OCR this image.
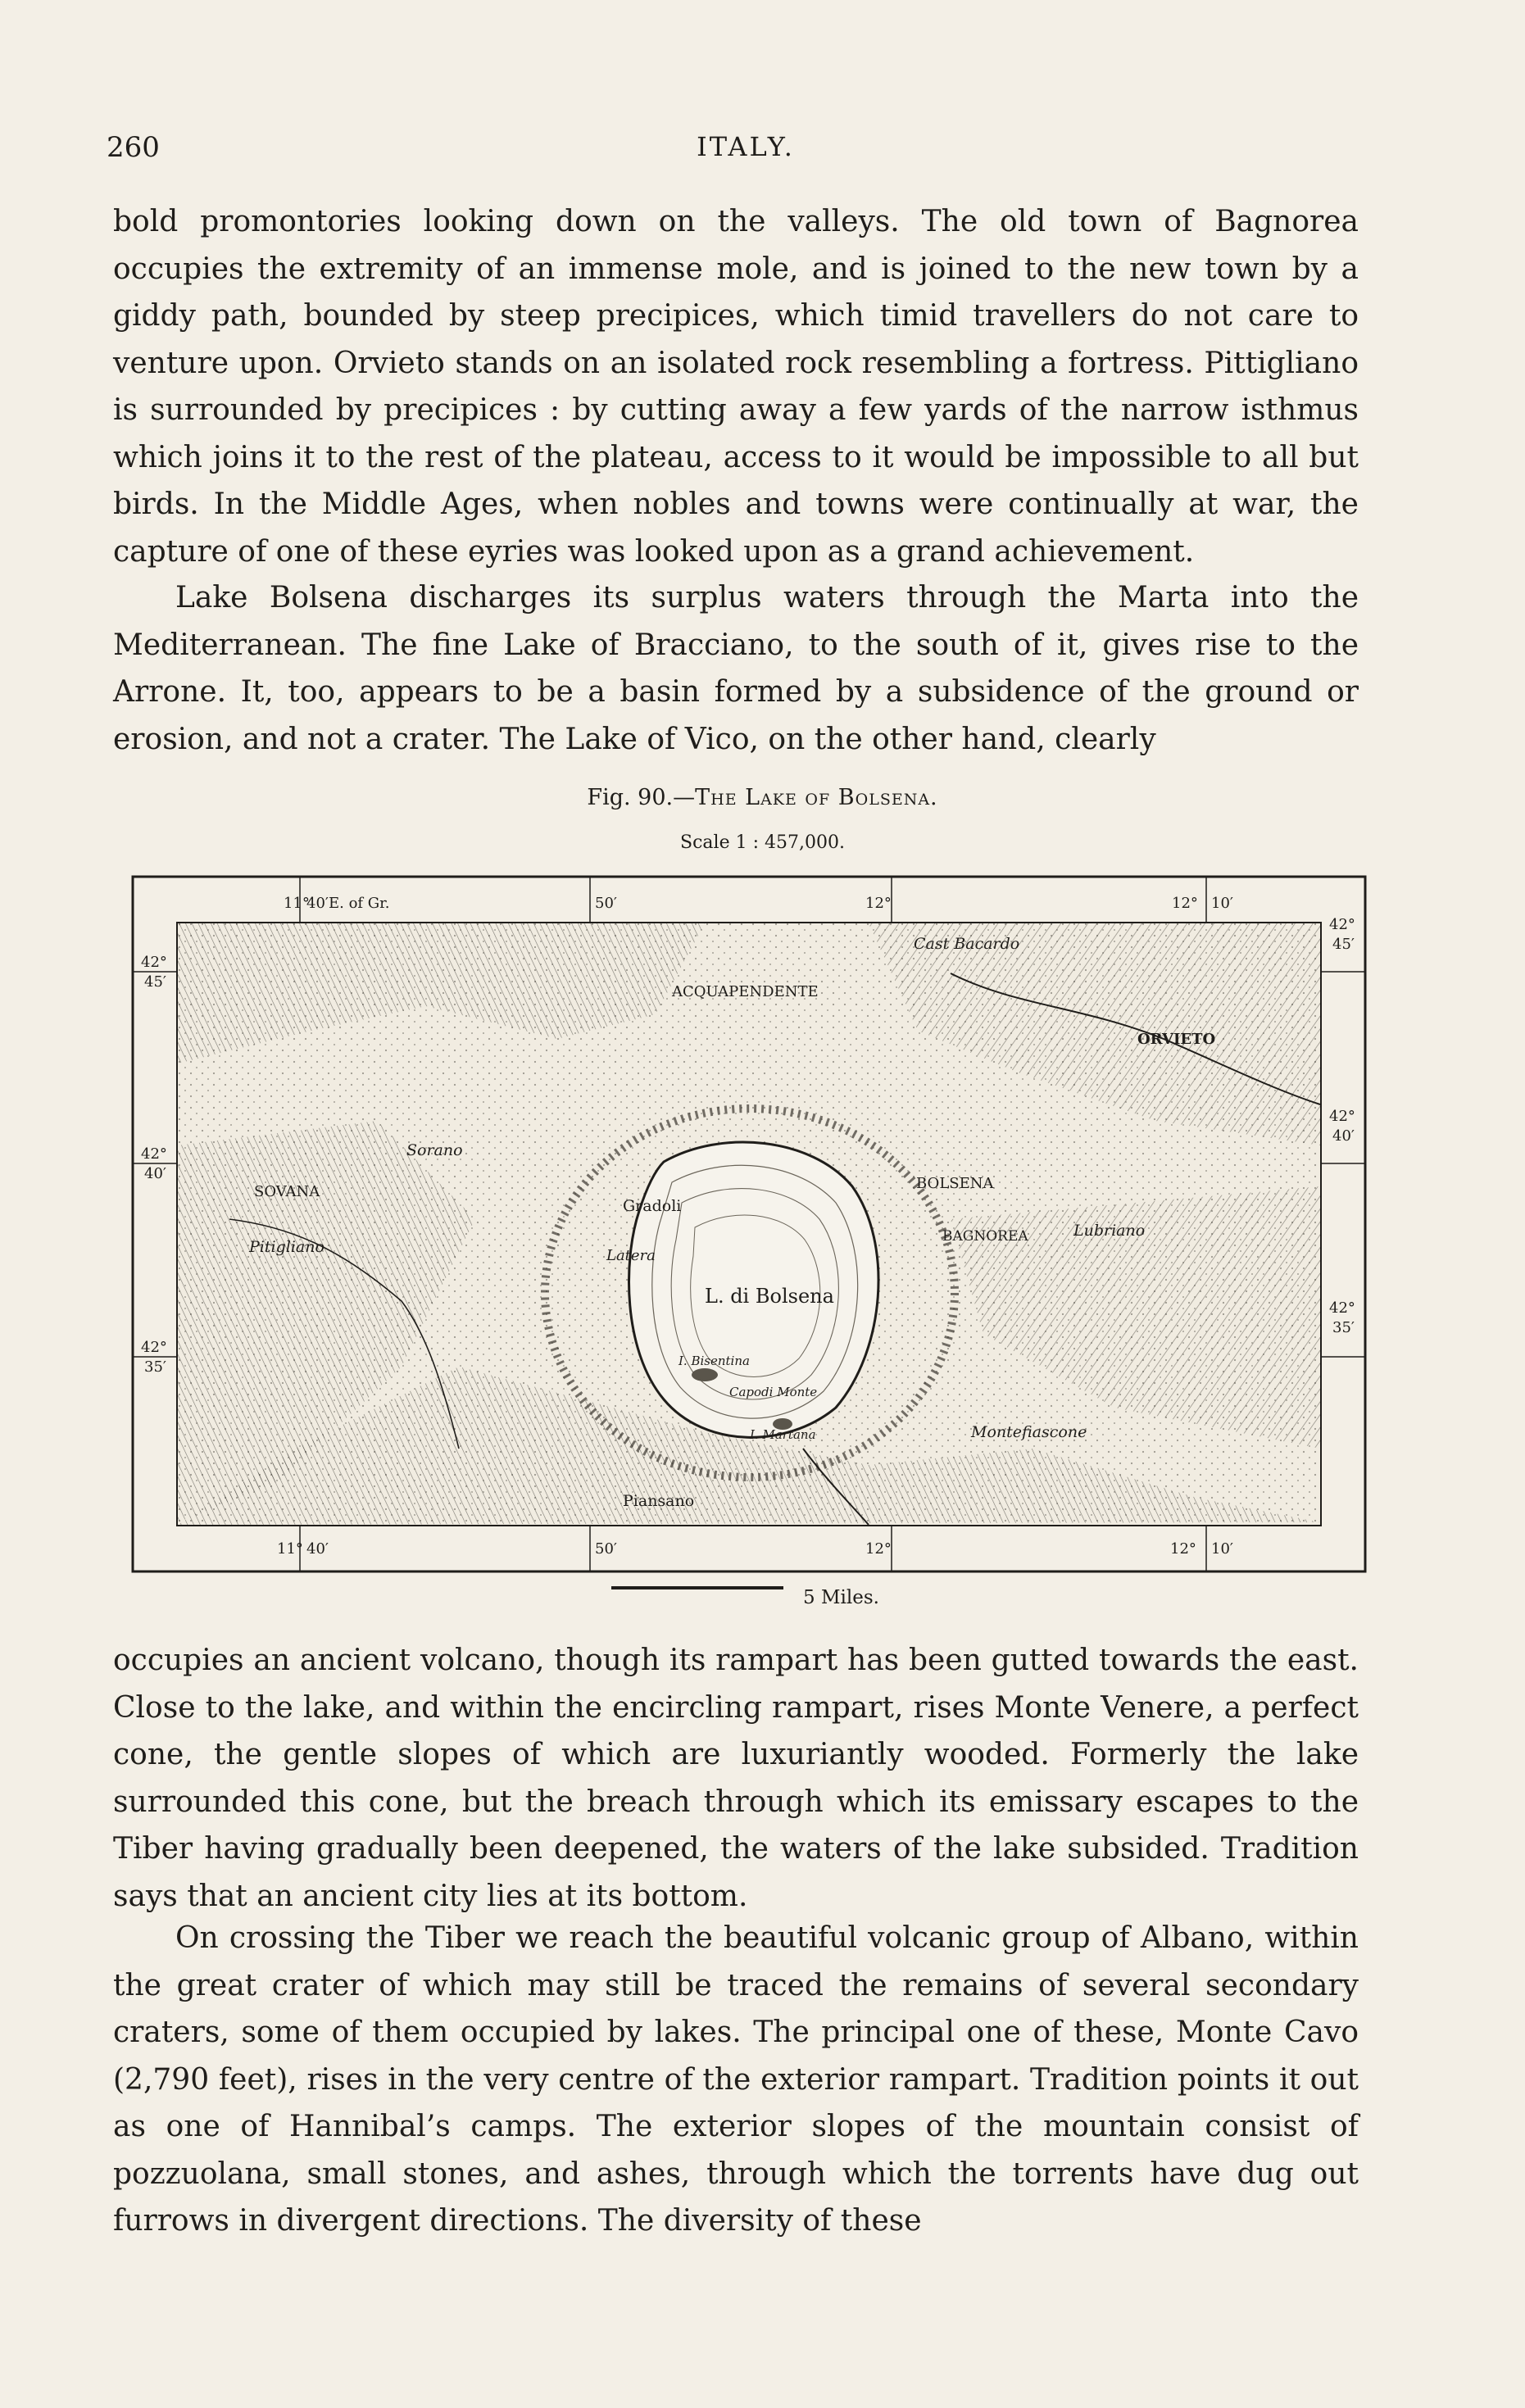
260	ITALY.

bold promontories looking down on the valleys. The old town of Bagnorea occupies the extremity of an immense mole, and is joined to the new town by a giddy path, bounded by steep precipices, which timid travellers do not care to venture upon. Orvieto stands on an isolated rock resembling a fortress. Pittigliano is surrounded by precipices : by cutting away a few yards of the narrow isthmus which joins it to the rest of the plateau, access to it would be impossible to all but birds. In the Middle Ages, when nobles and towns were continually at war, the capture of one of these eyries was looked upon as a grand achievement.

Lake Bolsena discharges its surplus waters through the Marta into the Mediterranean. The fine Lake of Bracciano, to the south of it, gives rise to the Arrone. It, too, appears to be a basin formed by a subsidence of the ground or erosion, and not a crater. The Lake of Vico, on the other hand, clearly

Fig. 90.—The Lake of Bolsena.
Scale 1 : 457,000.
11°
40′E. of Gr.	50′	12°	12° 10′
11° 40′	50′	12°	12° 10′
42°
45′
42°
40′
42°
35′
42°
45′
42°
40′
42°
35′
ACQUAPENDENTE
Cast Bacardo
ORVIETO
Sorano
SOVANA
Pitigliano
Gradoli
Latera
BOLSENA
BAGNOREA	Lubriano
L. di Bolsena
I. Bisentina
Capodi Monte
I. Martana	Montefiascone
Piansano
5 Miles.

occupies an ancient volcano, though its rampart has been gutted towards the east. Close to the lake, and within the encircling rampart, rises Monte Venere, a perfect cone, the gentle slopes of which are luxuriantly wooded. Formerly the lake surrounded this cone, but the breach through which its emissary escapes to the Tiber having gradually been deepened, the waters of the lake subsided. Tradition says that an ancient city lies at its bottom.

On crossing the Tiber we reach the beautiful volcanic group of Albano, within the great crater of which may still be traced the remains of several secondary craters, some of them occupied by lakes. The principal one of these, Monte Cavo (2,790 feet), rises in the very centre of the exterior rampart. Tradition points it out as one of Hannibal’s camps. The exterior slopes of the mountain consist of pozzuolana, small stones, and ashes, through which the torrents have dug out furrows in divergent directions. The diversity of these
